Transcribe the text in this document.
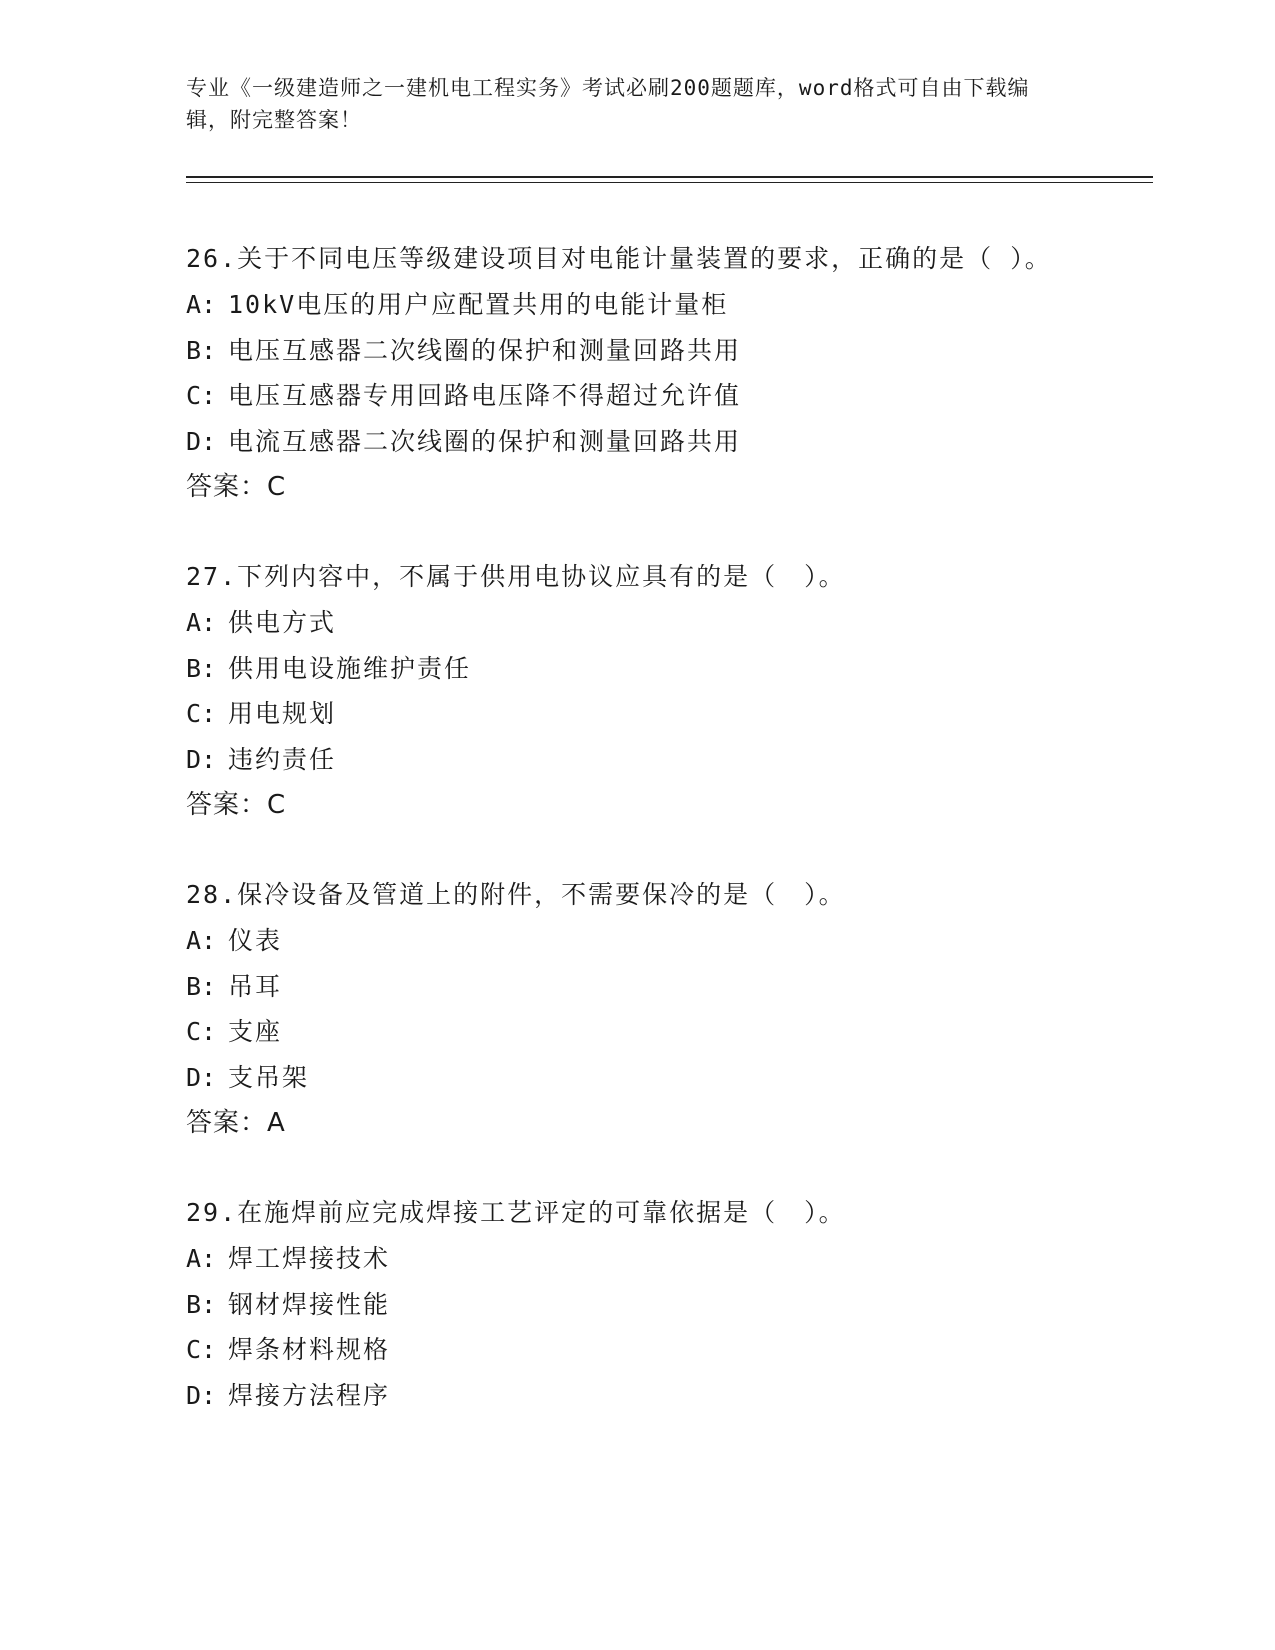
专业《一级建造师之一建机电工程实务》考试必刷200题题库，word格式可自由下载编辑，附完整答案！
26.关于不同电压等级建设项目对电能计量装置的要求，正确的是（ ）。
A: 10kV电压的用户应配置共用的电能计量柜
B: 电压互感器二次线圈的保护和测量回路共用
C: 电压互感器专用回路电压降不得超过允许值
D: 电流互感器二次线圈的保护和测量回路共用
答案：C
27.下列内容中，不属于供用电协议应具有的是（　）。
A: 供电方式
B: 供用电设施维护责任
C: 用电规划
D: 违约责任
答案：C
28.保冷设备及管道上的附件，不需要保冷的是（　）。
A: 仪表
B: 吊耳
C: 支座
D: 支吊架
答案：A
29.在施焊前应完成焊接工艺评定的可靠依据是（　）。
A: 焊工焊接技术
B: 钢材焊接性能
C: 焊条材料规格
D: 焊接方法程序
